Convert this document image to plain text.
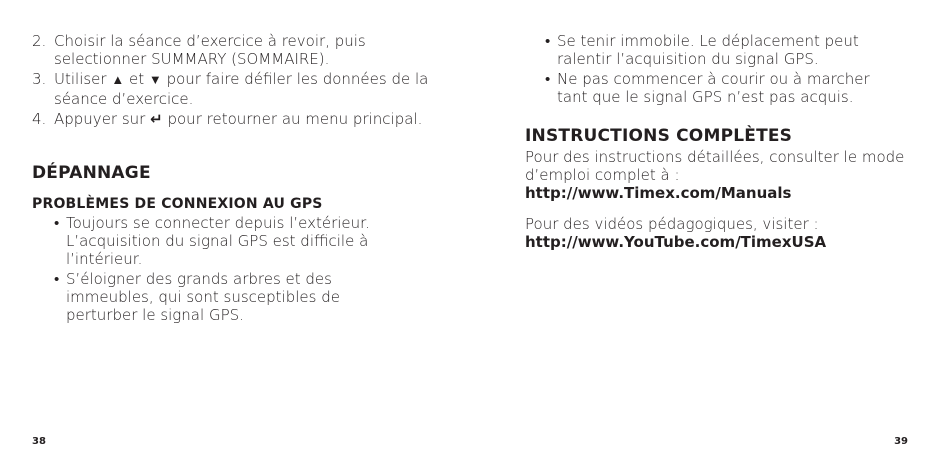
2. Choisir la séance d’exercice à revoir, puis selectionner SUMMARY (SOMMAIRE).
3. Utiliser ▲ et ▼ pour faire défiler les données de la séance d’exercice.
4. Appuyer sur ↵ pour retourner au menu principal.
DÉPANNAGE
PROBLÈMES DE CONNEXION AU GPS
• Toujours se connecter depuis l’extérieur. L’acquisition du signal GPS est difficile à l’intérieur.
• S’éloigner des grands arbres et des immeubles, qui sont susceptibles de perturber le signal GPS.
38
• Se tenir immobile. Le déplacement peut ralentir l’acquisition du signal GPS.
• Ne pas commencer à courir ou à marcher tant que le signal GPS n’est pas acquis.
INSTRUCTIONS COMPLÈTES

Pour des instructions détaillées, consulter le mode d’emploi complet à :
http://www.Timex.com/Manuals

Pour des vidéos pédagogiques, visiter :
http://www.YouTube.com/TimexUSA

39
